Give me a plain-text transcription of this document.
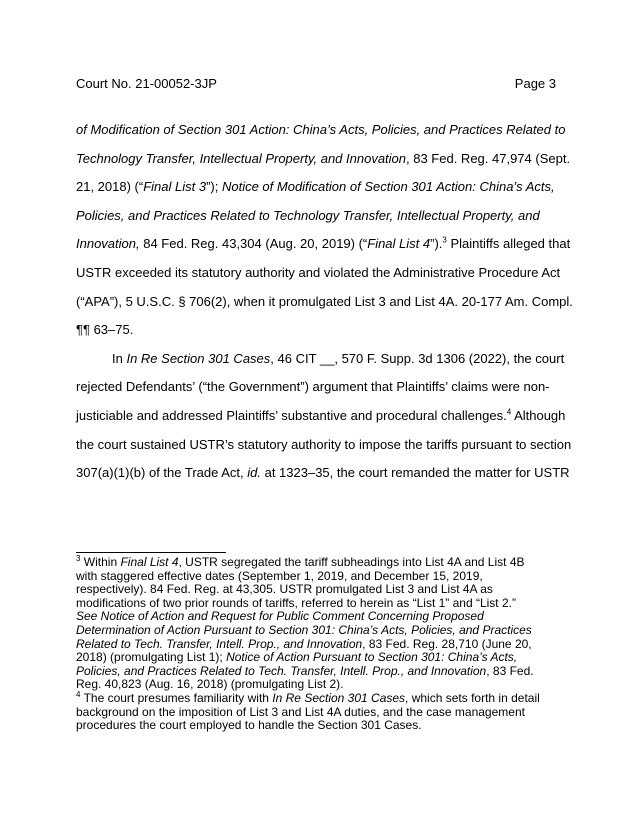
Court No. 21-00052-3JP	Page 3
of Modification of Section 301 Action: China’s Acts, Policies, and Practices Related to
Technology Transfer, Intellectual Property, and Innovation, 83 Fed. Reg. 47,974 (Sept.
21, 2018) (“Final List 3”); Notice of Modification of Section 301 Action: China’s Acts,
Policies, and Practices Related to Technology Transfer, Intellectual Property, and
Innovation, 84 Fed. Reg. 43,304 (Aug. 20, 2019) (“Final List 4”).$^3$ Plaintiffs alleged that
USTR exceeded its statutory authority and violated the Administrative Procedure Act
(“APA”), 5 U.S.C. § 706(2), when it promulgated List 3 and List 4A. 20-177 Am. Compl.
¶¶ 63–75.
In In Re Section 301 Cases, 46 CIT __, 570 F. Supp. 3d 1306 (2022), the court
rejected Defendants’ (“the Government”) argument that Plaintiffs’ claims were non-
justiciable and addressed Plaintiffs’ substantive and procedural challenges.$^4$ Although
the court sustained USTR’s statutory authority to impose the tariffs pursuant to section
307(a)(1)(b) of the Trade Act, id. at 1323–35, the court remanded the matter for USTR
$^3$ Within Final List 4, USTR segregated the tariff subheadings into List 4A and List 4B
with staggered effective dates (September 1, 2019, and December 15, 2019,
respectively). 84 Fed. Reg. at 43,305. USTR promulgated List 3 and List 4A as
modifications of two prior rounds of tariffs, referred to herein as “List 1” and “List 2.”
See Notice of Action and Request for Public Comment Concerning Proposed
Determination of Action Pursuant to Section 301: China’s Acts, Policies, and Practices
Related to Tech. Transfer, Intell. Prop., and Innovation, 83 Fed. Reg. 28,710 (June 20,
2018) (promulgating List 1); Notice of Action Pursuant to Section 301: China’s Acts,
Policies, and Practices Related to Tech. Transfer, Intell. Prop., and Innovation, 83 Fed.
Reg. 40,823 (Aug. 16, 2018) (promulgating List 2).
$^4$ The court presumes familiarity with In Re Section 301 Cases, which sets forth in detail
background on the imposition of List 3 and List 4A duties, and the case management
procedures the court employed to handle the Section 301 Cases.
